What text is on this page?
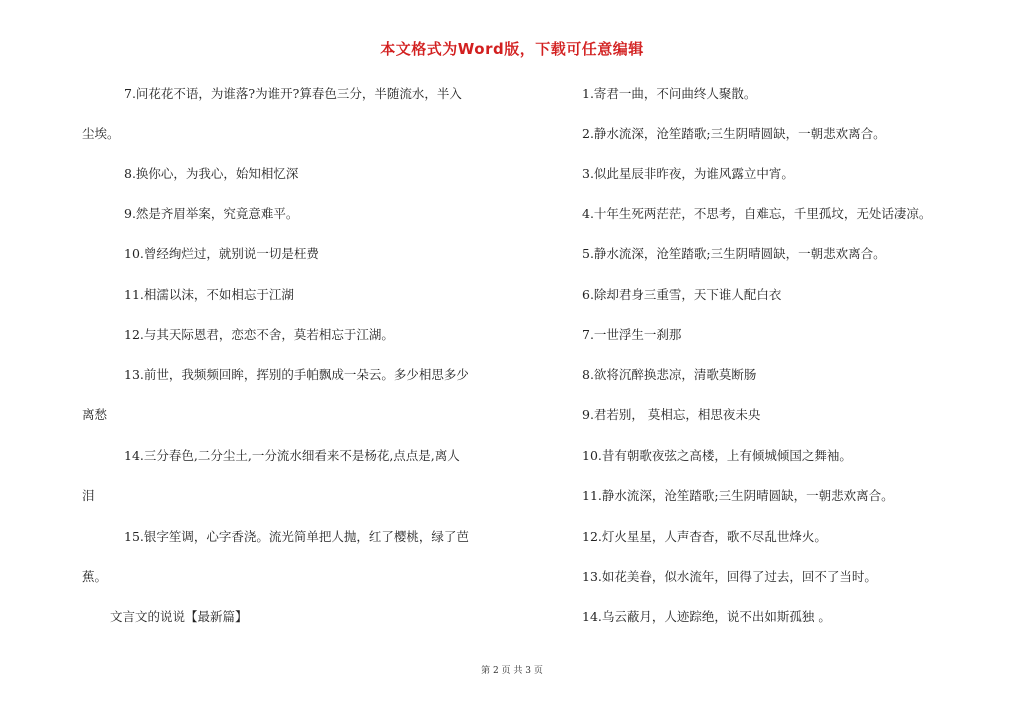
本文格式为Word版，下载可任意编辑
7.问花花不语，为谁落?为谁开?算春色三分，半随流水，半入
尘埃。
8.换你心，为我心，始知相忆深
9.然是齐眉举案，究竟意难平。
10.曾经绚烂过，就别说一切是枉费
11.相濡以沫，不如相忘于江湖
12.与其天际恩君，恋恋不舍，莫若相忘于江湖。
13.前世，我频频回眸，挥别的手帕飘成一朵云。多少相思多少
离愁
14.三分春色,二分尘土,一分流水细看来不是杨花,点点是,离人
泪
15.银字笙调，心字香浇。流光简单把人抛，红了樱桃，绿了芭
蕉。
文言文的说说【最新篇】
1.寄君一曲，不问曲终人聚散。
2.静水流深，沧笙踏歌;三生阴晴圆缺，一朝悲欢离合。
3.似此星辰非昨夜，为谁风露立中宵。
4.十年生死两茫茫，不思考，自难忘，千里孤坟，无处话凄凉。
5.静水流深，沧笙踏歌;三生阴晴圆缺，一朝悲欢离合。
6.除却君身三重雪，天下谁人配白衣
7.一世浮生一刹那
8.欲将沉醉换悲凉，清歌莫断肠
9.君若别， 莫相忘，相思夜未央
10.昔有朝歌夜弦之高楼，上有倾城倾国之舞袖。
11.静水流深，沧笙踏歌;三生阴晴圆缺，一朝悲欢离合。
12.灯火星星，人声杳杳，歌不尽乱世烽火。
13.如花美眷，似水流年，回得了过去，回不了当时。
14.乌云蔽月，人迹踪绝，说不出如斯孤独 。
第 2 页 共 3 页
